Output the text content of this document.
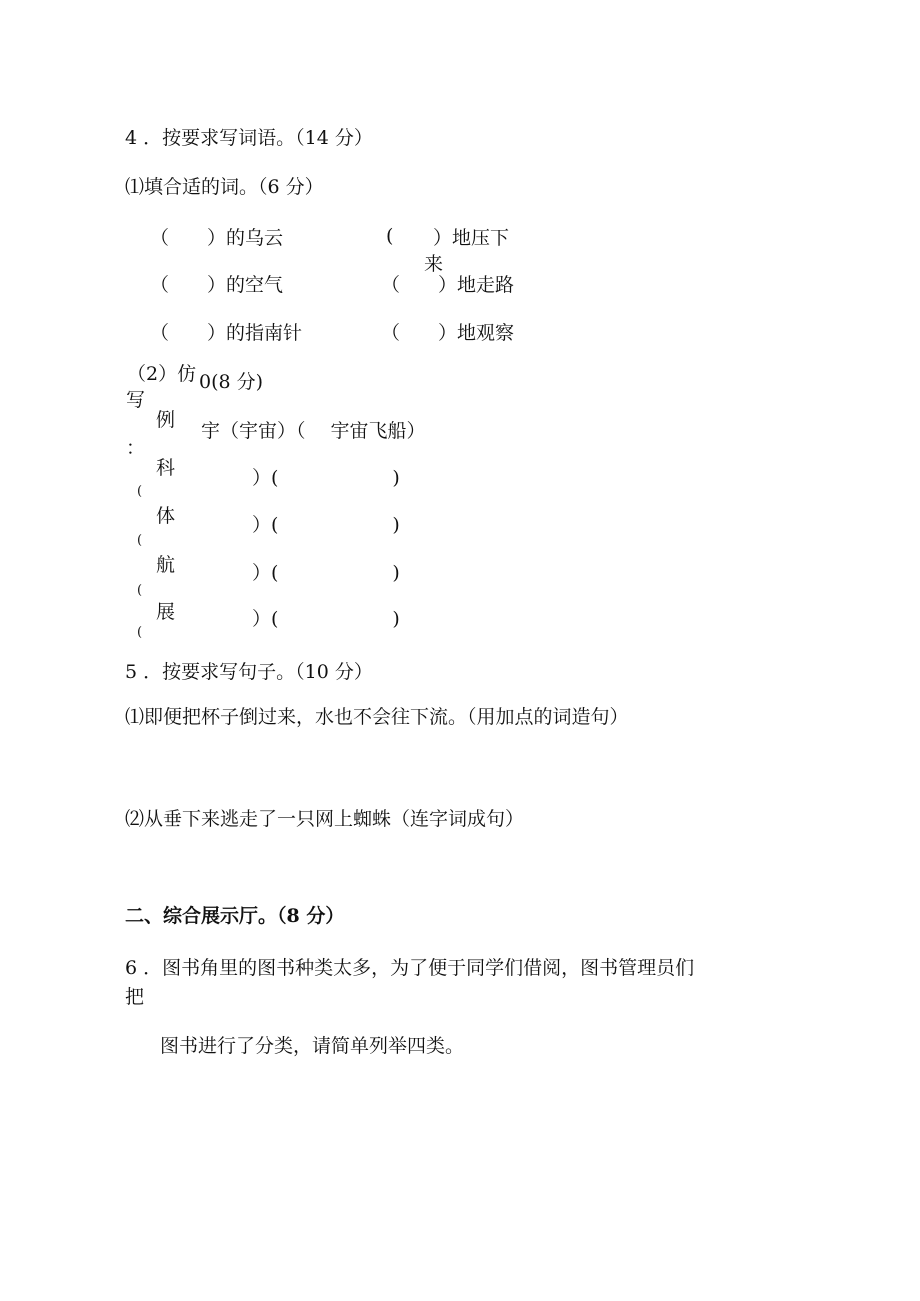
4 ．按要求写词语。（14 分）
⑴填合适的词。（6 分）
（　　）的乌云	( ）地压下
来
（　　）的空气	（　　）地走路
（　　）的指南针	（　　）地观察
（2）仿 0(8 分)
写
：
例 宇（宇宙）（　 宇宙飞船）
(
科	）(　　　　　　)
(
体	）(　　　　　　)
(
航	）(　　　　　　)
(
展	）(　　　　　　)
5 ．按要求写句子。（10 分）
⑴即便把杯子倒过来，水也不会往下流。（用加点的词造句）
⑵从垂下来逃走了一只网上蜘蛛（连字词成句）
二、综合展示厅。（8 分）
6 ．图书角里的图书种类太多，为了便于同学们借阅，图书管理员们
把
图书进行了分类，请简单列举四类。
